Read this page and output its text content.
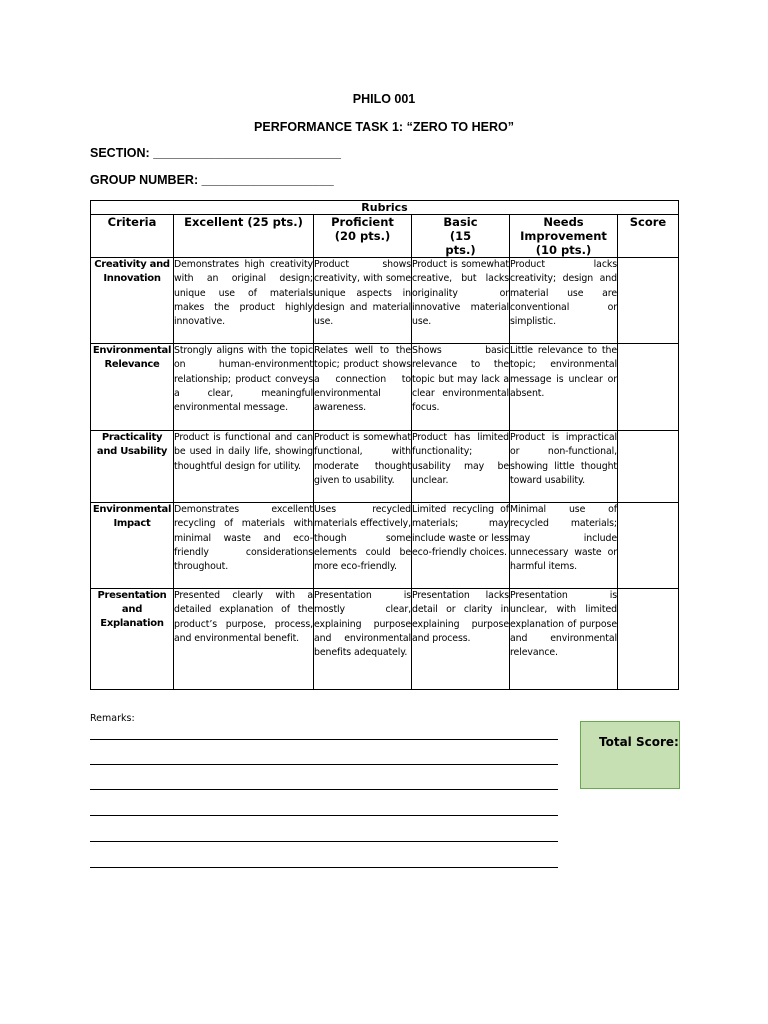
PHILO 001
PERFORMANCE TASK 1: “ZERO TO HERO”
SECTION: ___________________________
GROUP NUMBER: ___________________
Rubrics					
Criteria	Excellent (25 pts.)	Proficient (20 pts.)	Basic (15 pts.)	Needs Improvement (10 pts.)	Score
Creativity and Innovation	Demonstrates high creativity with an original design; unique use of materials makes the product highly innovative.	Product shows creativity, with some unique aspects in design and material use.	Product is somewhat creative, but lacks originality or innovative material use.	Product lacks creativity; design and material use are conventional or simplistic.	
Environmental Relevance	Strongly aligns with the topic on human-environment relationship; product conveys a clear, meaningful environmental message.	Relates well to the topic; product shows a connection to environmental awareness.	Shows basic relevance to the topic but may lack a clear environmental focus.	Little relevance to the topic; environmental message is unclear or absent.	
Practicality and Usability	Product is functional and can be used in daily life, showing thoughtful design for utility.	Product is somewhat functional, with moderate thought given to usability.	Product has limited functionality; usability may be unclear.	Product is impractical or non-functional, showing little thought toward usability.	
Environmental Impact	Demonstrates excellent recycling of materials with minimal waste and eco-friendly considerations throughout.	Uses recycled materials effectively, though some elements could be more eco-friendly.	Limited recycling of materials; may include waste or less eco-friendly choices.	Minimal use of recycled materials; may include unnecessary waste or harmful items.	
Presentation and Explanation	Presented clearly with a detailed explanation of the product’s purpose, process, and environmental benefit.	Presentation is mostly clear, explaining purpose and environmental benefits adequately.	Presentation lacks detail or clarity in explaining purpose and process.	Presentation is unclear, with limited explanation of purpose and environmental relevance.	
Remarks:
Total Score:
